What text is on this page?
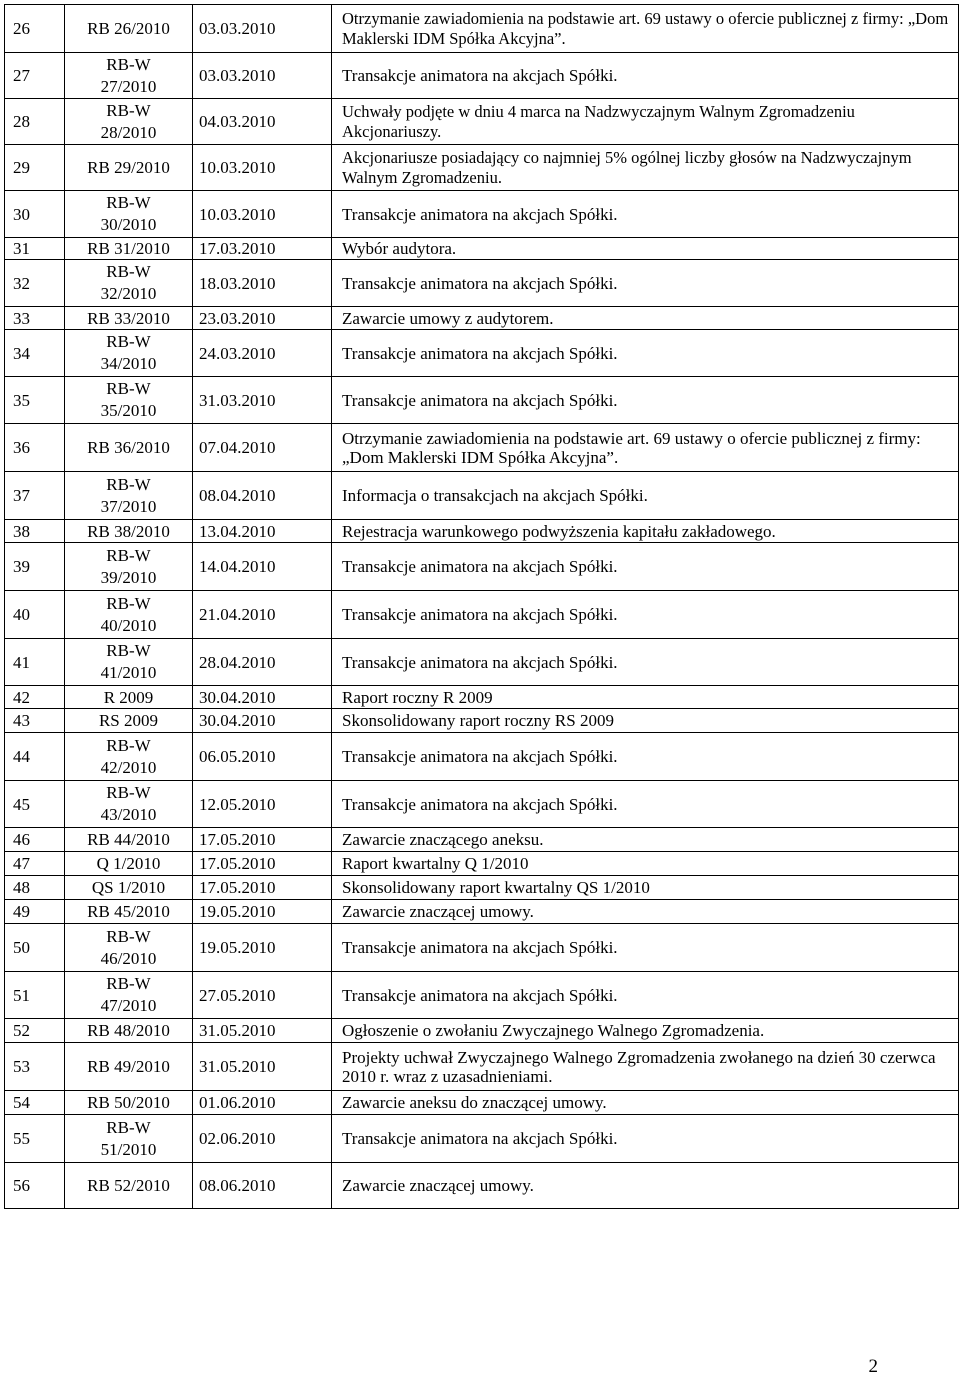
26	RB 26/2010	03.03.2010	Otrzymanie zawiadomienia na podstawie art. 69 ustawy o ofercie publicznej z firmy: „Dom Maklerski IDM Spółka Akcyjna”.
27	RB-W 27/2010	03.03.2010	Transakcje animatora na akcjach Spółki.
28	RB-W 28/2010	04.03.2010	Uchwały podjęte w dniu 4 marca na Nadzwyczajnym Walnym Zgromadzeniu Akcjonariuszy.
29	RB 29/2010	10.03.2010	Akcjonariusze posiadający co najmniej 5% ogólnej liczby głosów na Nadzwyczajnym Walnym Zgromadzeniu.
30	RB-W 30/2010	10.03.2010	Transakcje animatora na akcjach Spółki.
31	RB 31/2010	17.03.2010	Wybór audytora.
32	RB-W 32/2010	18.03.2010	Transakcje animatora na akcjach Spółki.
33	RB 33/2010	23.03.2010	Zawarcie umowy z audytorem.
34	RB-W 34/2010	24.03.2010	Transakcje animatora na akcjach Spółki.
35	RB-W 35/2010	31.03.2010	Transakcje animatora na akcjach Spółki.
36	RB 36/2010	07.04.2010	Otrzymanie zawiadomienia na podstawie art. 69 ustawy o ofercie publicznej z firmy: „Dom Maklerski IDM Spółka Akcyjna”.
37	RB-W 37/2010	08.04.2010	Informacja o transakcjach na akcjach Spółki.
38	RB 38/2010	13.04.2010	Rejestracja warunkowego podwyższenia kapitału zakładowego.
39	RB-W 39/2010	14.04.2010	Transakcje animatora na akcjach Spółki.
40	RB-W 40/2010	21.04.2010	Transakcje animatora na akcjach Spółki.
41	RB-W 41/2010	28.04.2010	Transakcje animatora na akcjach Spółki.
42	R 2009	30.04.2010	Raport roczny R 2009
43	RS 2009	30.04.2010	Skonsolidowany raport roczny RS 2009
44	RB-W 42/2010	06.05.2010	Transakcje animatora na akcjach Spółki.
45	RB-W 43/2010	12.05.2010	Transakcje animatora na akcjach Spółki.
46	RB 44/2010	17.05.2010	Zawarcie znaczącego aneksu.
47	Q 1/2010	17.05.2010	Raport kwartalny Q 1/2010
48	QS 1/2010	17.05.2010	Skonsolidowany raport kwartalny QS 1/2010
49	RB 45/2010	19.05.2010	Zawarcie znaczącej umowy.
50	RB-W 46/2010	19.05.2010	Transakcje animatora na akcjach Spółki.
51	RB-W 47/2010	27.05.2010	Transakcje animatora na akcjach Spółki.
52	RB 48/2010	31.05.2010	Ogłoszenie o zwołaniu Zwyczajnego Walnego Zgromadzenia.
53	RB 49/2010	31.05.2010	Projekty uchwał Zwyczajnego Walnego Zgromadzenia zwołanego na dzień 30 czerwca 2010 r. wraz z uzasadnieniami.
54	RB 50/2010	01.06.2010	Zawarcie aneksu do znaczącej umowy.
55	RB-W 51/2010	02.06.2010	Transakcje animatora na akcjach Spółki.
56	RB 52/2010	08.06.2010	Zawarcie znaczącej umowy.
2
